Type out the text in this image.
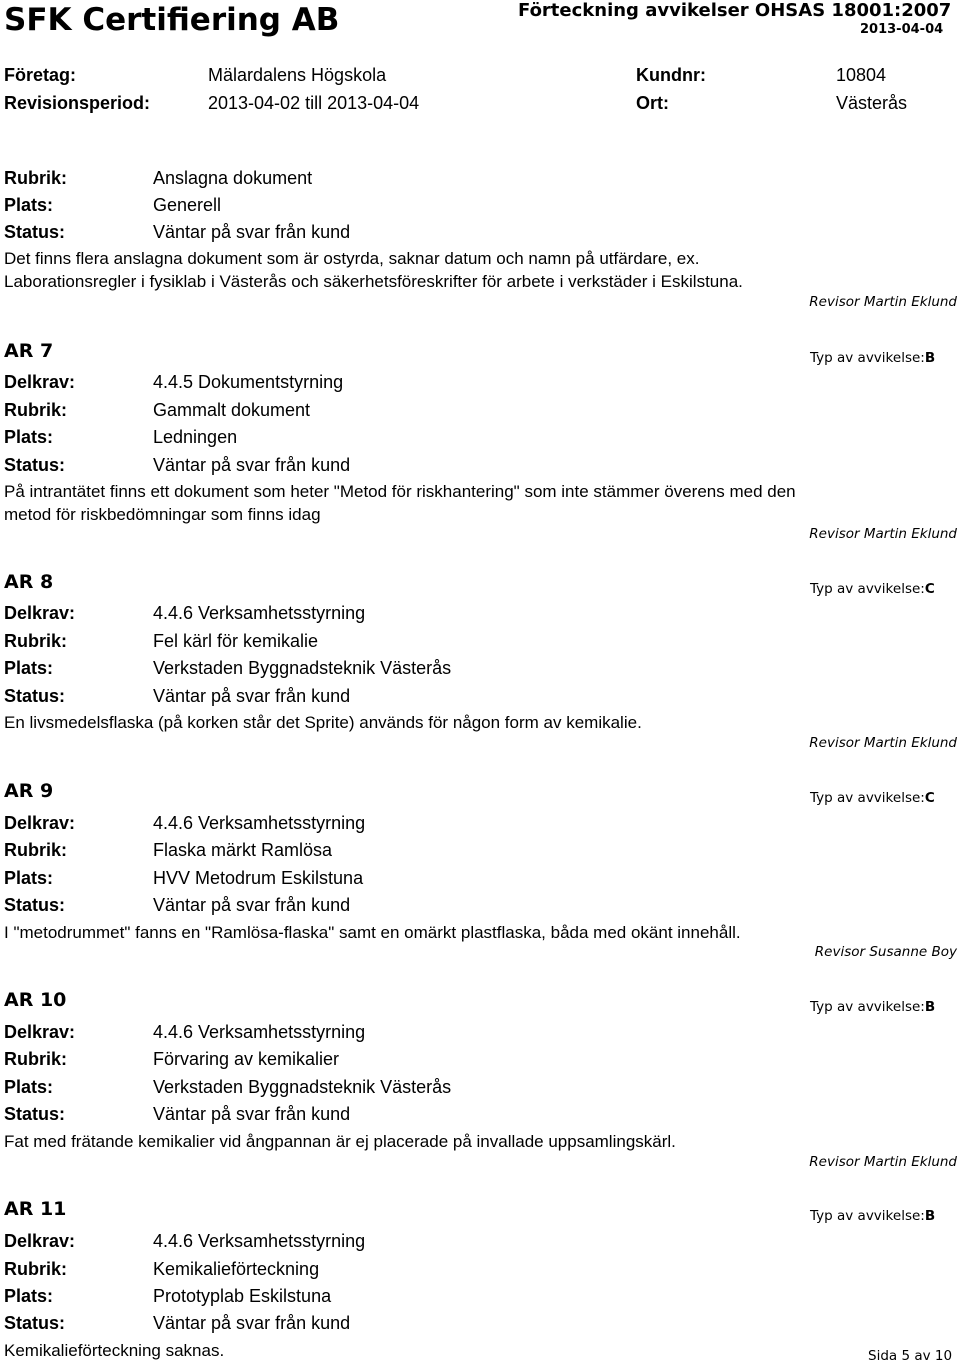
SFK Certifiering AB	Förteckning avvikelser OHSAS 18001:2007
2013-04-04
Företag:	Mälardalens Högskola	Kundnr:	10804
Revisionsperiod:	2013-04-02 till 2013-04-04	Ort:	Västerås
Rubrik:	Anslagna dokument
Plats:	Generell
Status:	Väntar på svar från kund
Det finns flera anslagna dokument som är ostyrda, saknar datum och namn på utfärdare, ex.
Laborationsregler i fysiklab i Västerås och säkerhetsföreskrifter för arbete i verkstäder i Eskilstuna.
Revisor Martin Eklund
AR 7	Typ av avvikelse:B
Delkrav:	4.4.5 Dokumentstyrning
Rubrik:	Gammalt dokument
Plats:	Ledningen
Status:	Väntar på svar från kund
På intrantätet finns ett dokument som heter "Metod för riskhantering" som inte stämmer överens med den
metod för riskbedömningar som finns idag
Revisor Martin Eklund
AR 8	Typ av avvikelse:C
Delkrav:	4.4.6 Verksamhetsstyrning
Rubrik:	Fel kärl för kemikalie
Plats:	Verkstaden Byggnadsteknik Västerås
Status:	Väntar på svar från kund
En livsmedelsflaska (på korken står det Sprite) används för någon form av kemikalie.
Revisor Martin Eklund
AR 9	Typ av avvikelse:C
Delkrav:	4.4.6 Verksamhetsstyrning
Rubrik:	Flaska märkt Ramlösa
Plats:	HVV Metodrum Eskilstuna
Status:	Väntar på svar från kund
I "metodrummet" fanns en "Ramlösa-flaska" samt en omärkt plastflaska, båda med okänt innehåll.
Revisor Susanne Boy
AR 10	Typ av avvikelse:B
Delkrav:	4.4.6 Verksamhetsstyrning
Rubrik:	Förvaring av kemikalier
Plats:	Verkstaden Byggnadsteknik Västerås
Status:	Väntar på svar från kund
Fat med frätande kemikalier vid ångpannan är ej placerade på invallade uppsamlingskärl.
Revisor Martin Eklund
AR 11	Typ av avvikelse:B
Delkrav:	4.4.6 Verksamhetsstyrning
Rubrik:	Kemikalieförteckning
Plats:	Prototyplab Eskilstuna
Status:	Väntar på svar från kund
Kemikalieförteckning saknas.	Sida 5 av 10
